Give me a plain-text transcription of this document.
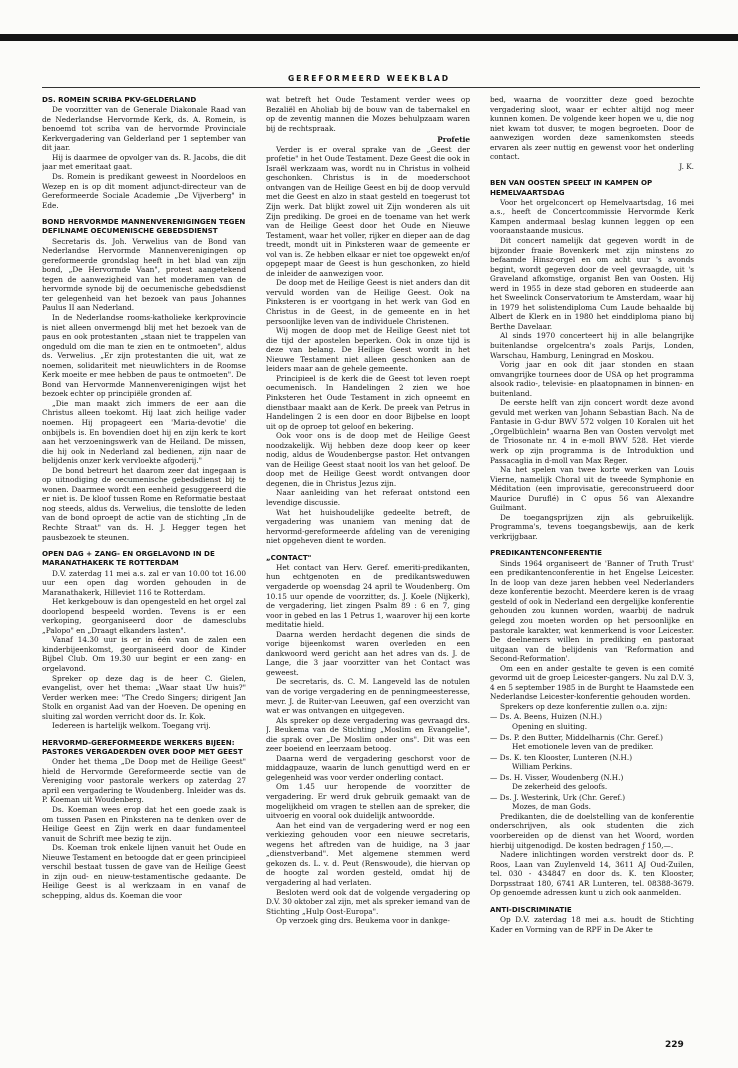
GEREFORMEERD WEEKBLAD
DS. ROMEIN SCRIBA PKV-GELDERLAND
De voorzitter van de Generale Diakonale Raad van de Nederlandse Hervormde Kerk, ds. A. Romein, is benoemd tot scriba van de hervormde Provinciale Kerkvergadering van Gelderland per 1 september van dit jaar.
Hij is daarmee de opvolger van ds. R. Jacobs, die dit jaar met emeritaat gaat.
Ds. Romein is predikant geweest in Noordeloos en Wezep en is op dit moment adjunct-directeur van de Gereformeerde Sociale Academie „De Vijverberg" in Ede.
BOND HERVORMDE MANNENVERENIGINGEN TEGEN DEFILNAME OECUMENISCHE GEBEDSDIENST
Secretaris ds. Joh. Verwelius van de Bond van Nederlandse Hervormde Mannenverenigingen op gereformeerde grondslag heeft in het blad van zijn bond, „De Hervormde Vaan", protest aangetekend tegen de aanwezigheid van het moderamen van de hervormde synode bij de oecumenische gebedsdienst ter gelegenheid van het bezoek van paus Johannes Paulus II aan Nederland.
In de Nederlandse rooms-katholieke kerkprovincie is niet alleen onvermengd blij met het bezoek van de paus en ook protestanten „staan niet te trappelen van ongeduld om die man te zien en te ontmoeten", aldus ds. Verwelius. „Er zijn protestanten die uit, wat ze noemen, solidariteit met nieuwlichters in de Roomse Kerk moeite er mee hebben de paus te ontmoeten". De Bond van Hervormde Mannenverenigingen wijst het bezoek echter op principiële gronden af.
„Die man maakt zich immers de eer aan die Christus alleen toekomt. Hij laat zich heilige vader noemen. Hij propageert een 'Maria-devotie' die onbijbels is. En bovendien doet hij en zijn kerk te kort aan het verzoeningswerk van de Heiland. De missen, die hij ook in Nederland zal bedienen, zijn naar de belijdenis onzer kerk vervloekte afgoderij."
De bond betreurt het daarom zeer dat ingegaan is op uitnodiging de oecumenische gebedsdienst bij te wonen. Daarmee wordt een eenheid gesuggereerd die er niet is. De kloof tussen Rome en Reformatie bestaat nog steeds, aldus ds. Verwelius, die tenslotte de leden van de bond oproept de actie van de stichting „In de Rechte Straat" van ds. H. J. Hegger tegen het pausbezoek te steunen.
OPEN DAG + ZANG- EN ORGELAVOND IN DE MARANATHAKERK TE ROTTERDAM
D.V. zaterdag 11 mei a.s. zal er van 10.00 tot 16.00 uur een open dag worden gehouden in de Maranathakerk, Hilleviet 116 te Rotterdam.
Het kerkgebouw is dan opengesteld en het orgel zal doorlopend bespeeld worden. Tevens is er een verkoping, georganiseerd door de damesclubs „Palopo" en „Draagt elkanders lasten".
Vanaf 14.30 uur is er in één van de zalen een kinderbijeenkomst, georganiseerd door de Kinder Bijbel Club. Om 19.30 uur begint er een zang- en orgelavond.
Spreker op deze dag is de heer C. Gielen, evangelist, over het thema: „Waar staat Uw huis?" Verder werken mee: "The Credo Singers; dirigent Jan Stolk en organist Aad van der Hoeven. De opening en sluiting zal worden verricht door ds. Ir. Kok.
Iedereen is hartelijk welkom. Toegang vrij.
HERVORMD-GEREFORMEERDE WERKERS BIJEEN: PASTORES VERGADERDEN OVER DOOP MET GEEST
Onder het thema „De Doop met de Heilige Geest" hield de Hervormde Gereformeerde sectie van de Vereniging voor pastorale werkers op zaterdag 27 april een vergadering te Woudenberg. Inleider was ds. P. Koeman uit Woudenberg.
Ds. Koeman wees erop dat het een goede zaak is om tussen Pasen en Pinksteren na te denken over de Heilige Geest en Zijn werk en daar fundamenteel vanuit de Schrift mee bezig te zijn.
Ds. Koeman trok enkele lijnen vanuit het Oude en Nieuwe Testament en betoogde dat er geen principieel verschil bestaat tussen de gave van de Heilige Geest in zijn oud- en nieuw-testamentische gedaante. De Heilige Geest is al werkzaam in en vanaf de schepping, aldus ds. Koeman die voor
wat betreft het Oude Testament verder wees op Bezaliël en Aholiab bij de bouw van de tabernakel en op de zeventig mannen die Mozes behulpzaam waren bij de rechtspraak.
Profetie
Verder is er overal sprake van de „Geest der profetie" in het Oude Testament. Deze Geest die ook in Israël werkzaam was, wordt nu in Christus in volheid geschonken. Christus is in de moederschoot ontvangen van de Heilige Geest en bij de doop vervuld met die Geest en alzo in staat gesteld en toegerust tot Zijn werk. Dat blijkt zowel uit Zijn wonderen als uit Zijn prediking. De groei en de toename van het werk van de Heilige Geest door het Oude en Nieuwe Testament, waar het voller, rijker en dieper aan de dag treedt, mondt uit in Pinksteren waar de gemeente er vol van is. Ze hebben elkaar er niet toe opgewekt en/of opgepept maar de Geest is hun geschonken, zo hield de inleider de aanwezigen voor.
De doop met de Heilige Geest is niet anders dan dit vervuld worden van de Heilige Geest. Ook na Pinksteren is er voortgang in het werk van God en Christus in de Geest, in de gemeente en in het persoonlijke leven van de individuele Christenen.
Wij mogen de doop met de Heilige Geest niet tot die tijd der apostelen beperken. Ook in onze tijd is deze van belang. De Heilige Geest wordt in het Nieuwe Testament niet alleen geschonken aan de leiders maar aan de gehele gemeente.
Principieel is de kerk die de Geest tot leven roept oecumenisch. In Handelingen 2 zien we hoe Pinksteren het Oude Testament in zich opneemt en dienstbaar maakt aan de Kerk. De preek van Petrus in Handelingen 2 is een door en door Bijbelse en loopt uit op de oproep tot geloof en bekering.
Ook voor ons is de doop met de Heilige Geest noodzakelijk. Wij hebben deze doop keer op keer nodig, aldus de Woudenbergse pastor. Het ontvangen van de Heilige Geest staat nooit los van het geloof. De doop met de Heilige Geest wordt ontvangen door degenen, die in Christus Jezus zijn.
Naar aanleiding van het referaat ontstond een levendige discussie.
Wat het huishoudelijke gedeelte betreft, de vergadering was unaniem van mening dat de hervormd-gereformeerde afdeling van de vereniging niet opgeheven dient te worden.
„CONTACT"
Het contact van Herv. Geref. emeriti-predikanten, hun echtgenoten en de predikantsweduwen vergaderde op woensdag 24 april te Woudenberg. Om 10.15 uur opende de voorzitter, ds. J. Koele (Nijkerk), de vergadering, liet zingen Psalm 89 : 6 en 7, ging voor in gebed en las 1 Petrus 1, waarover hij een korte meditatie hield.
Daarna werden herdacht degenen die sinds de vorige bijeenkomst waren overleden en een dankwoord werd gericht aan het adres van ds. J. de Lange, die 3 jaar voorzitter van het Contact was geweest.
De secretaris, ds. C. M. Langeveld las de notulen van de vorige vergadering en de penningmeesteresse, mevr. J. de Ruiter-van Leeuwen, gaf een overzicht van wat er was ontvangen en uitgegeven.
Als spreker op deze vergadering was gevraagd drs. J. Beukema van de Stichting „Moslim en Evangelie", die sprak over „De Moslim onder ons". Dit was een zeer boeiend en leerzaam betoog.
Daarna werd de vergadering geschorst voor de middagpauze, waarin de lunch genuttigd werd en er gelegenheid was voor verder onderling contact.
Om 1.45 uur heropende de voorzitter de vergadering. Er werd druk gebruik gemaakt van de mogelijkheid om vragen te stellen aan de spreker, die uitvoerig en vooral ook duidelijk antwoordde.
Aan het eind van de vergadering werd er nog een verkiezing gehouden voor een nieuwe secretaris, wegens het aftreden van de huidige, na 3 jaar „dienstverband". Met algemene stemmen werd gekozen ds. L. v. d. Peut (Renswoude), die hiervan op de hoogte zal worden gesteld, omdat hij de vergadering al had verlaten.
Besloten werd ook dat de volgende vergadering op D.V. 30 oktober zal zijn, met als spreker iemand van de Stichting „Hulp Oost-Europa".
Op verzoek ging drs. Beukema voor in dankge-
bed, waarna de voorzitter deze goed bezochte vergadering sloot, waar er echter altijd nog meer kunnen komen. De volgende keer hopen we u, die nog niet kwam tot dusver, te mogen begroeten. Door de aanwezigen worden deze samenkomsten steeds ervaren als zeer nuttig en gewenst voor het onderling contact.
J. K.
BEN VAN OOSTEN SPEELT IN KAMPEN OP HEMELVAARTSDAG
Voor het orgelconcert op Hemelvaartsdag, 16 mei a.s., heeft de Concertcommissie Hervormde Kerk Kampen andermaal beslag kunnen leggen op een vooraanstaande musicus.
Dit concert namelijk dat gegeven wordt in de bijzonder fraaie Bovenkerk met zijn minstens zo befaamde Hinsz-orgel en om acht uur 's avonds begint, wordt gegeven door de veel gevraagde, uit 's Graveland afkomstige, organist Ben van Oosten. Hij werd in 1955 in deze stad geboren en studeerde aan het Sweelinck Conservatorium te Amsterdam, waar hij in 1979 het solistendiploma Cum Laude behaalde bij Albert de Klerk en in 1980 het einddiploma piano bij Berthe Davelaar.
Al sinds 1970 concerteert hij in alle belangrijke buitenlandse orgelcentra's zoals Parijs, Londen, Warschau, Hamburg, Leningrad en Moskou.
Vorig jaar en ook dit jaar stonden en staan omvangrijke tournees door de USA op het programma alsook radio-, televisie- en plaatopnamen in binnen- en buitenland.
De eerste helft van zijn concert wordt deze avond gevuld met werken van Johann Sebastian Bach. Na de Fantasie in G-dur BWV 572 volgen 10 Koralen uit het „Orgelbüchlein" waarna Ben van Oosten vervolgt met de Triosonate nr. 4 in e-moll BWV 528. Het vierde werk op zijn programma is de Introduktion und Passacaglia in d-moll van Max Reger.
Na het spelen van twee korte werken van Louis Vierne, namelijk Choral uit de tweede Symphonie en Méditation (een improvisatie, gereconstrueerd door Maurice Duruflé) in C opus 56 van Alexandre Guilmant.
De toegangsprijzen zijn als gebruikelijk. Programma's, tevens toegangsbewijs, aan de kerk verkrijgbaar.
PREDIKANTENCONFERENTIE
Sinds 1964 organiseert de 'Banner of Truth Trust' een predikantenconferentie in het Engelse Leicester. In de loop van deze jaren hebben veel Nederlanders deze konferentie bezocht. Meerdere keren is de vraag gesteld of ook in Nederland een dergelijke konferentie gehouden zou kunnen worden, waarbij de nadruk gelegd zou moeten worden op het persoonlijke en pastorale karakter, wat kenmerkend is voor Leicester. De deelnemers willen in prediking en pastoraat uitgaan van de belijdenis van 'Reformation and Second-Reformation'.
Om een en ander gestalte te geven is een comité gevormd uit de groep Leicester-gangers. Nu zal D.V. 3, 4 en 5 september 1985 in de Burght te Haamstede een Nederlandse Leicester-konferentie gehouden worden.
Sprekers op deze konferentie zullen o.a. zijn:
— Ds. A. Beens, Huizen (N.H.)
Opening en sluiting.
— Ds. P. den Butter, Middelharnis (Chr. Geref.)
Het emotionele leven van de prediker.
— Ds. K. ten Klooster, Lunteren (N.H.)
William Perkins.
— Ds. H. Visser, Woudenberg (N.H.)
De zekerheid des geloofs.
— Ds. J. Westerink, Urk (Chr. Geref.)
Mozes, de man Gods.
Predikanten, die de doelstelling van de konferentie onderschrijven, als ook studenten die zich voorbereiden op de dienst van het Woord, worden hierbij uitgenodigd. De kosten bedragen ƒ 150,—.
Nadere inlichtingen worden verstrekt door ds. P. Roos, Laan van Zuylenveld 14, 3611 AJ Oud-Zuilen, tel. 030 - 434847 en door ds. K. ten Klooster, Dorpsstraat 180, 6741 AR Lunteren, tel. 08388-3679. Op genoemde adressen kunt u zich ook aanmelden.
ANTI-DISCRIMINATIE
Op D.V. zaterdag 18 mei a.s. houdt de Stichting Kader en Vorming van de RPF in De Aker te
229
